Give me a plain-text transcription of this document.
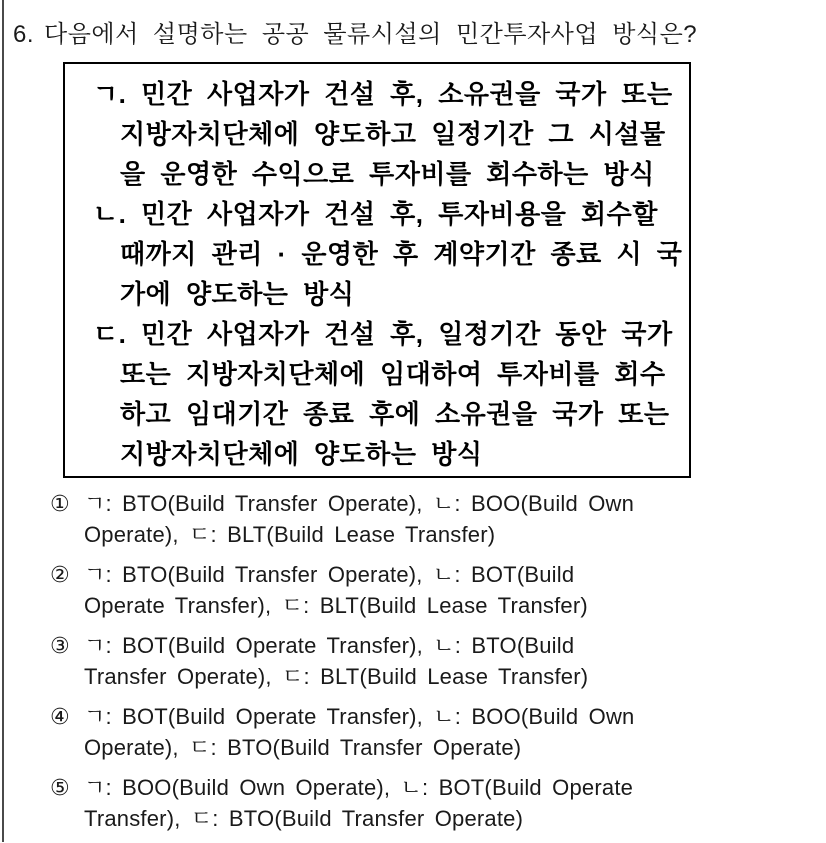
6. 다음에서 설명하는 공공 물류시설의 민간투자사업 방식은?
ㄱ. 민간 사업자가 건설 후, 소유권을 국가 또는
지방자치단체에 양도하고 일정기간 그 시설물
을 운영한 수익으로 투자비를 회수하는 방식
ㄴ. 민간 사업자가 건설 후, 투자비용을 회수할
때까지 관리 · 운영한 후 계약기간 종료 시 국
가에 양도하는 방식
ㄷ. 민간 사업자가 건설 후, 일정기간 동안 국가
또는 지방자치단체에 임대하여 투자비를 회수
하고 임대기간 종료 후에 소유권을 국가 또는
지방자치단체에 양도하는 방식
① ㄱ: BTO(Build Transfer Operate), ㄴ: BOO(Build Own
Operate), ㄷ: BLT(Build Lease Transfer)
② ㄱ: BTO(Build Transfer Operate), ㄴ: BOT(Build
Operate Transfer), ㄷ: BLT(Build Lease Transfer)
③ ㄱ: BOT(Build Operate Transfer), ㄴ: BTO(Build
Transfer Operate), ㄷ: BLT(Build Lease Transfer)
④ ㄱ: BOT(Build Operate Transfer), ㄴ: BOO(Build Own
Operate), ㄷ: BTO(Build Transfer Operate)
⑤ ㄱ: BOO(Build Own Operate), ㄴ: BOT(Build Operate
Transfer), ㄷ: BTO(Build Transfer Operate)
